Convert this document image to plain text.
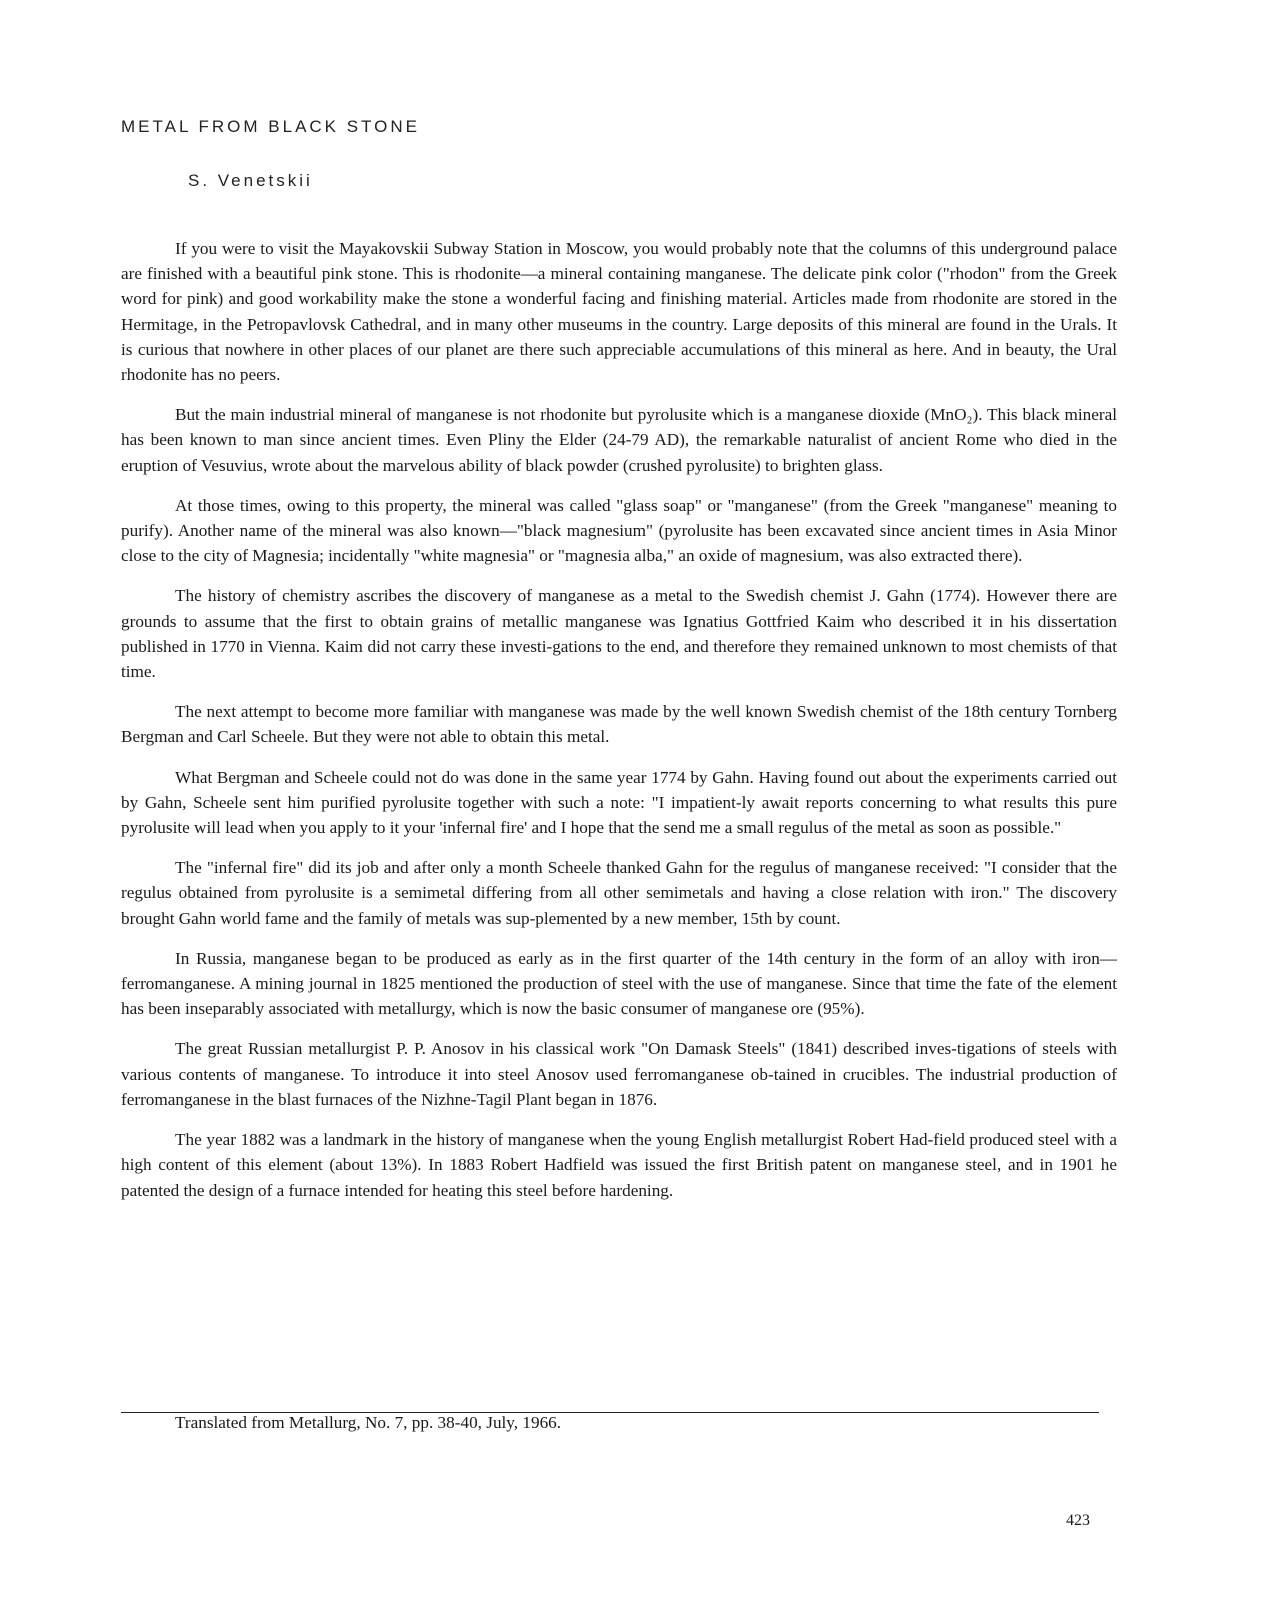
METAL FROM BLACK STONE
S. Venetskii

If you were to visit the Mayakovskii Subway Station in Moscow, you would probably note that the columns of this underground palace are finished with a beautiful pink stone. This is rhodonite—a mineral containing manganese. The delicate pink color ("rhodon" from the Greek word for pink) and good workability make the stone a wonderful facing and finishing material. Articles made from rhodonite are stored in the Hermitage, in the Petropavlovsk Cathedral, and in many other museums in the country. Large deposits of this mineral are found in the Urals. It is curious that nowhere in other places of our planet are there such appreciable accumulations of this mineral as here. And in beauty, the Ural rhodonite has no peers.

But the main industrial mineral of manganese is not rhodonite but pyrolusite which is a manganese dioxide (MnO₂). This black mineral has been known to man since ancient times. Even Pliny the Elder (24-79 AD), the remarkable naturalist of ancient Rome who died in the eruption of Vesuvius, wrote about the marvelous ability of black powder (crushed pyrolusite) to brighten glass.

At those times, owing to this property, the mineral was called "glass soap" or "manganese" (from the Greek "manganese" meaning to purify). Another name of the mineral was also known—"black magnesium" (pyrolusite has been excavated since ancient times in Asia Minor close to the city of Magnesia; incidentally "white magnesia" or "magnesia alba," an oxide of magnesium, was also extracted there).

The history of chemistry ascribes the discovery of manganese as a metal to the Swedish chemist J. Gahn (1774). However there are grounds to assume that the first to obtain grains of metallic manganese was Ignatius Gottfried Kaim who described it in his dissertation published in 1770 in Vienna. Kaim did not carry these investi-gations to the end, and therefore they remained unknown to most chemists of that time.

The next attempt to become more familiar with manganese was made by the well known Swedish chemist of the 18th century Tornberg Bergman and Carl Scheele. But they were not able to obtain this metal.

What Bergman and Scheele could not do was done in the same year 1774 by Gahn. Having found out about the experiments carried out by Gahn, Scheele sent him purified pyrolusite together with such a note: "I impatient-ly await reports concerning to what results this pure pyrolusite will lead when you apply to it your 'infernal fire' and I hope that the send me a small regulus of the metal as soon as possible."

The "infernal fire" did its job and after only a month Scheele thanked Gahn for the regulus of manganese received: "I consider that the regulus obtained from pyrolusite is a semimetal differing from all other semimetals and having a close relation with iron." The discovery brought Gahn world fame and the family of metals was sup-plemented by a new member, 15th by count.

In Russia, manganese began to be produced as early as in the first quarter of the 14th century in the form of an alloy with iron—ferromanganese. A mining journal in 1825 mentioned the production of steel with the use of manganese. Since that time the fate of the element has been inseparably associated with metallurgy, which is now the basic consumer of manganese ore (95%).

The great Russian metallurgist P. P. Anosov in his classical work "On Damask Steels" (1841) described inves-tigations of steels with various contents of manganese. To introduce it into steel Anosov used ferromanganese ob-tained in crucibles. The industrial production of ferromanganese in the blast furnaces of the Nizhne-Tagil Plant began in 1876.

The year 1882 was a landmark in the history of manganese when the young English metallurgist Robert Had-field produced steel with a high content of this element (about 13%). In 1883 Robert Hadfield was issued the first British patent on manganese steel, and in 1901 he patented the design of a furnace intended for heating this steel before hardening.

Translated from Metallurg, No. 7, pp. 38-40, July, 1966.
423
